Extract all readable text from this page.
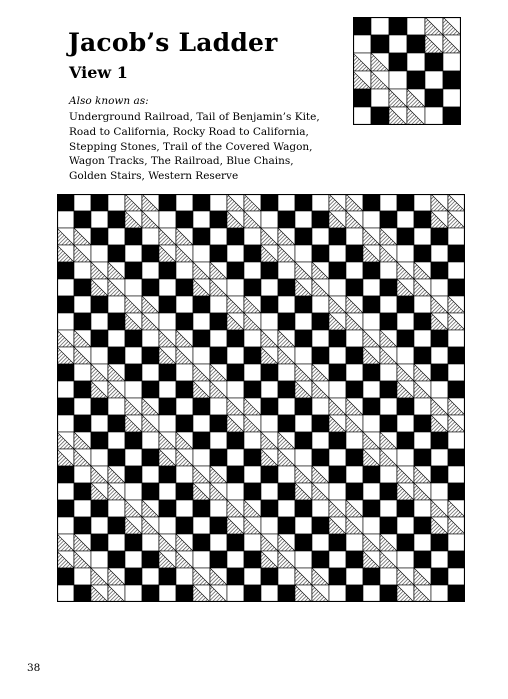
Jacob’s Ladder
View 1

Also known as:

Underground Railroad, Tail of Benjamin’s Kite,
Road to California, Rocky Road to California,
Stepping Stones, Trail of the Covered Wagon,
Wagon Tracks, The Railroad, Blue Chains,
Golden Stairs, Western Reserve

38
